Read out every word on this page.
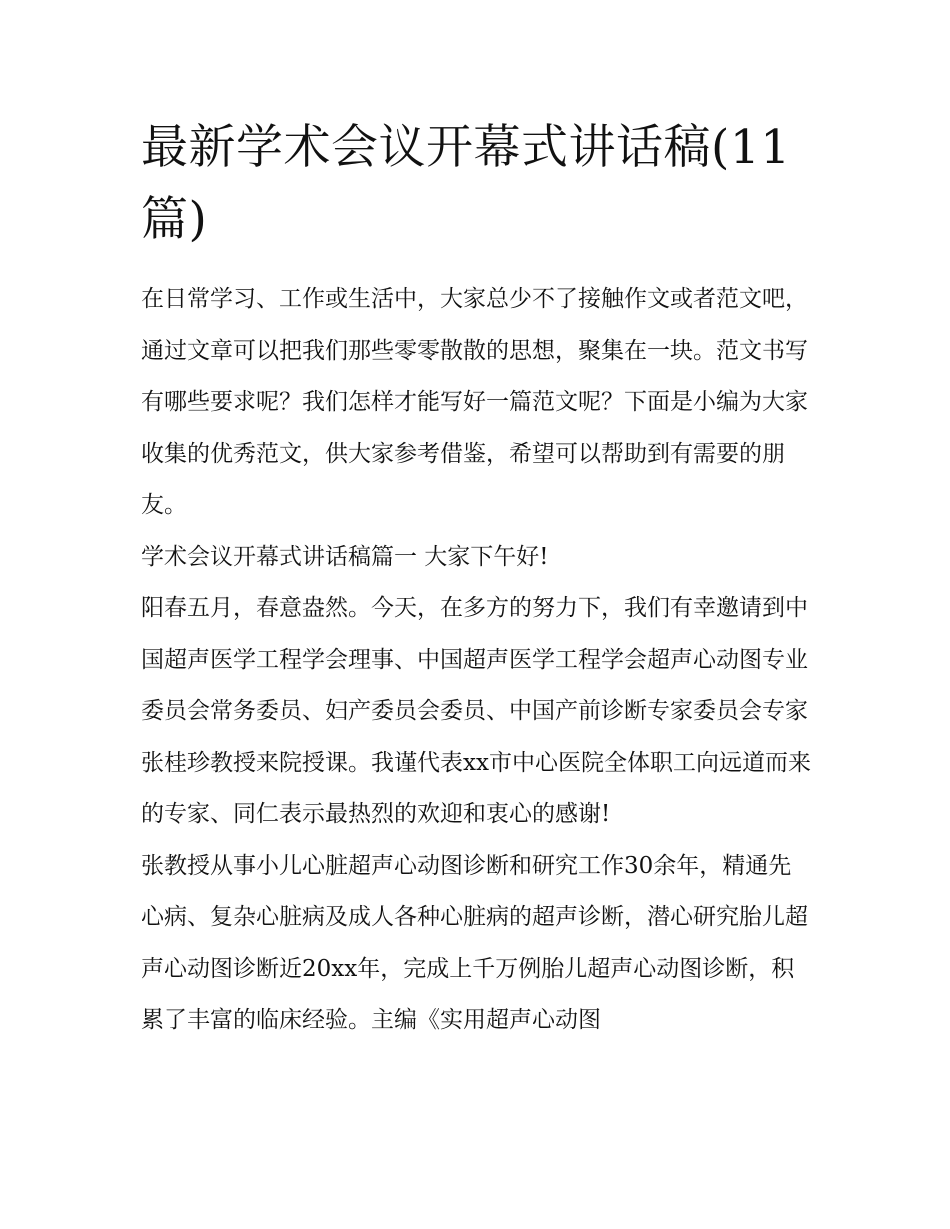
最新学术会议开幕式讲话稿(11篇)

在日常学习、工作或生活中，大家总少不了接触作文或者范文吧，通过文章可以把我们那些零零散散的思想，聚集在一块。范文书写有哪些要求呢？我们怎样才能写好一篇范文呢？下面是小编为大家收集的优秀范文，供大家参考借鉴，希望可以帮助到有需要的朋友。

学术会议开幕式讲话稿篇一 大家下午好!

阳春五月，春意盎然。今天，在多方的努力下，我们有幸邀请到中国超声医学工程学会理事、中国超声医学工程学会超声心动图专业委员会常务委员、妇产委员会委员、中国产前诊断专家委员会专家张桂珍教授来院授课。我谨代表xx市中心医院全体职工向远道而来的专家、同仁表示最热烈的欢迎和衷心的感谢!

张教授从事小儿心脏超声心动图诊断和研究工作30余年，精通先心病、复杂心脏病及成人各种心脏病的超声诊断，潜心研究胎儿超声心动图诊断近20xx年，完成上千万例胎儿超声心动图诊断，积累了丰富的临床经验。主编《实用超声心动图
